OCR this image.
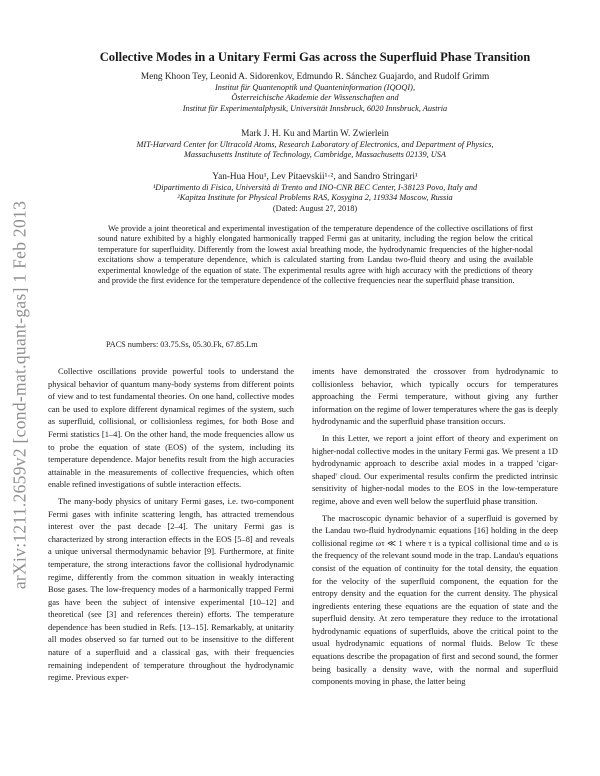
arXiv:1211.2659v2 [cond-mat.quant-gas] 1 Feb 2013
Collective Modes in a Unitary Fermi Gas across the Superfluid Phase Transition
Meng Khoon Tey, Leonid A. Sidorenkov, Edmundo R. Sánchez Guajardo, and Rudolf Grimm
Institut für Quantenoptik und Quanteninformation (IQOQI),
Österreichische Akademie der Wissenschaften and
Institut für Experimentalphysik, Universität Innsbruck, 6020 Innsbruck, Austria
Mark J. H. Ku and Martin W. Zwierlein
MIT-Harvard Center for Ultracold Atoms, Research Laboratory of Electronics, and Department of Physics,
Massachusetts Institute of Technology, Cambridge, Massachusetts 02139, USA
Yan-Hua Hou¹, Lev Pitaevskii¹·², and Sandro Stringari¹
¹Dipartimento di Fisica, Università di Trento and INO-CNR BEC Center, I-38123 Povo, Italy and
²Kapitza Institute for Physical Problems RAS, Kosygina 2, 119334 Moscow, Russia
(Dated: August 27, 2018)
We provide a joint theoretical and experimental investigation of the temperature dependence of the collective oscillations of first sound nature exhibited by a highly elongated harmonically trapped Fermi gas at unitarity, including the region below the critical temperature for superfluidity. Differently from the lowest axial breathing mode, the hydrodynamic frequencies of the higher-nodal excitations show a temperature dependence, which is calculated starting from Landau two-fluid theory and using the available experimental knowledge of the equation of state. The experimental results agree with high accuracy with the predictions of theory and provide the first evidence for the temperature dependence of the collective frequencies near the superfluid phase transition.
PACS numbers: 03.75.Ss, 05.30.Fk, 67.85.Lm

Collective oscillations provide powerful tools to understand the physical behavior of quantum many-body systems from different points of view and to test fundamental theories. On one hand, collective modes can be used to explore different dynamical regimes of the system, such as superfluid, collisional, or collisionless regimes, for both Bose and Fermi statistics [1–4]. On the other hand, the mode frequencies allow us to probe the equation of state (EOS) of the system, including its temperature dependence. Major benefits result from the high accuracies attainable in the measurements of collective frequencies, which often enable refined investigations of subtle interaction effects.

The many-body physics of unitary Fermi gases, i.e. two-component Fermi gases with infinite scattering length, has attracted tremendous interest over the past decade [2–4]. The unitary Fermi gas is characterized by strong interaction effects in the EOS [5–8] and reveals a unique universal thermodynamic behavior [9]. Furthermore, at finite temperature, the strong interactions favor the collisional hydrodynamic regime, differently from the common situation in weakly interacting Bose gases. The low-frequency modes of a harmonically trapped Fermi gas have been the subject of intensive experimental [10–12] and theoretical (see [3] and references therein) efforts. The temperature dependence has been studied in Refs. [13–15]. Remarkably, at unitarity all modes observed so far turned out to be insensitive to the different nature of a superfluid and a classical gas, with their frequencies remaining independent of temperature throughout the hydrodynamic regime. Previous exper-

iments have demonstrated the crossover from hydrodynamic to collisionless behavior, which typically occurs for temperatures approaching the Fermi temperature, without giving any further information on the regime of lower temperatures where the gas is deeply hydrodynamic and the superfluid phase transition occurs.

In this Letter, we report a joint effort of theory and experiment on higher-nodal collective modes in the unitary Fermi gas. We present a 1D hydrodynamic approach to describe axial modes in a trapped 'cigar-shaped' cloud. Our experimental results confirm the predicted intrinsic sensitivity of higher-nodal modes to the EOS in the low-temperature regime, above and even well below the superfluid phase transition.

The macroscopic dynamic behavior of a superfluid is governed by the Landau two-fluid hydrodynamic equations [16] holding in the deep collisional regime ωτ ≪ 1 where τ is a typical collisional time and ω is the frequency of the relevant sound mode in the trap. Landau's equations consist of the equation of continuity for the total density, the equation for the velocity of the superfluid component, the equation for the entropy density and the equation for the current density. The physical ingredients entering these equations are the equation of state and the superfluid density. At zero temperature they reduce to the irrotational hydrodynamic equations of superfluids, above the critical point to the usual hydrodynamic equations of normal fluids. Below Tc these equations describe the propagation of first and second sound, the former being basically a density wave, with the normal and superfluid components moving in phase, the latter being
